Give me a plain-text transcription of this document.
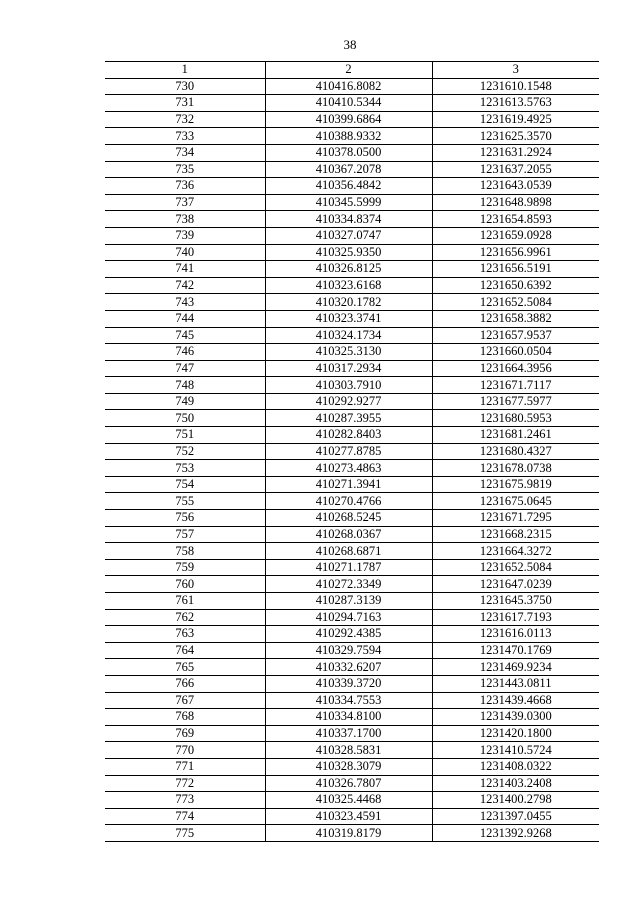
38
1	2	3
730	410416.8082	1231610.1548
731	410410.5344	1231613.5763
732	410399.6864	1231619.4925
733	410388.9332	1231625.3570
734	410378.0500	1231631.2924
735	410367.2078	1231637.2055
736	410356.4842	1231643.0539
737	410345.5999	1231648.9898
738	410334.8374	1231654.8593
739	410327.0747	1231659.0928
740	410325.9350	1231656.9961
741	410326.8125	1231656.5191
742	410323.6168	1231650.6392
743	410320.1782	1231652.5084
744	410323.3741	1231658.3882
745	410324.1734	1231657.9537
746	410325.3130	1231660.0504
747	410317.2934	1231664.3956
748	410303.7910	1231671.7117
749	410292.9277	1231677.5977
750	410287.3955	1231680.5953
751	410282.8403	1231681.2461
752	410277.8785	1231680.4327
753	410273.4863	1231678.0738
754	410271.3941	1231675.9819
755	410270.4766	1231675.0645
756	410268.5245	1231671.7295
757	410268.0367	1231668.2315
758	410268.6871	1231664.3272
759	410271.1787	1231652.5084
760	410272.3349	1231647.0239
761	410287.3139	1231645.3750
762	410294.7163	1231617.7193
763	410292.4385	1231616.0113
764	410329.7594	1231470.1769
765	410332.6207	1231469.9234
766	410339.3720	1231443.0811
767	410334.7553	1231439.4668
768	410334.8100	1231439.0300
769	410337.1700	1231420.1800
770	410328.5831	1231410.5724
771	410328.3079	1231408.0322
772	410326.7807	1231403.2408
773	410325.4468	1231400.2798
774	410323.4591	1231397.0455
775	410319.8179	1231392.9268
